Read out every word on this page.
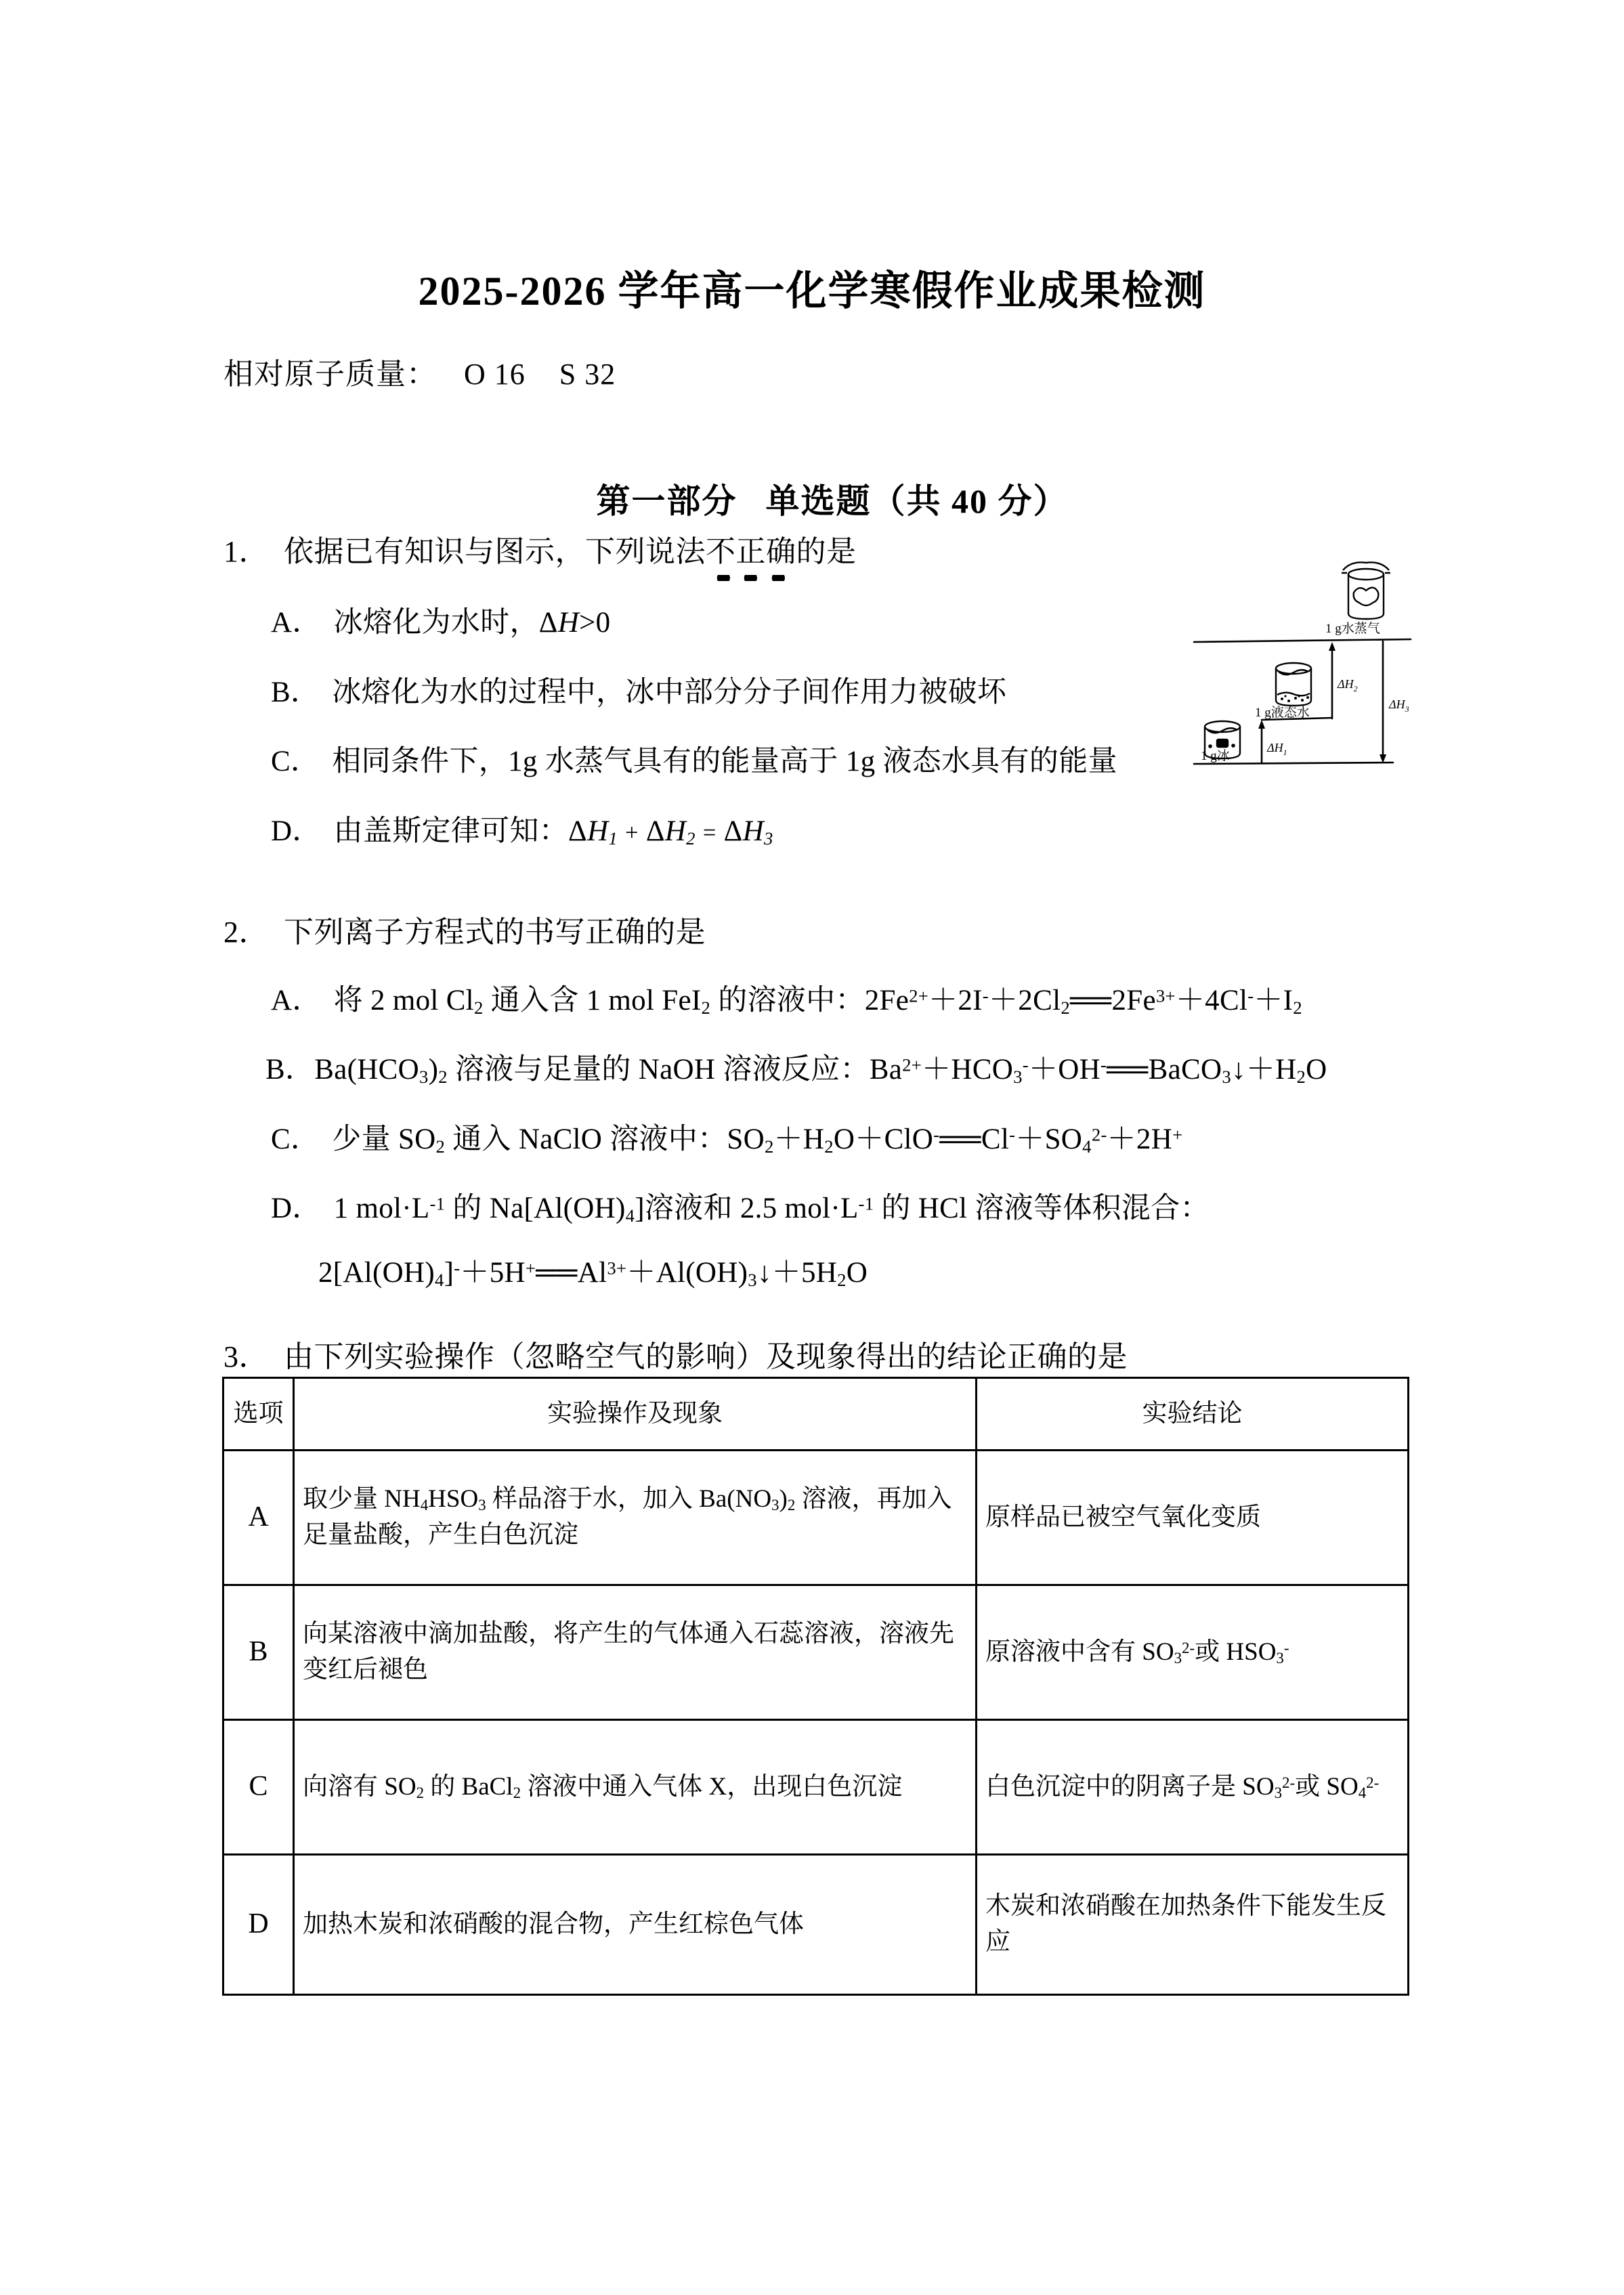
2025-2026 学年高一化学寒假作业成果检测
相对原子质量： O 16 S 32
第一部分 单选题（共 40 分）
1． 依据已有知识与图示，下列说法不正确的是
A． 冰熔化为水时，ΔH>0
B． 冰熔化为水的过程中，冰中部分分子间作用力被破坏
C． 相同条件下，1g 水蒸气具有的能量高于 1g 液态水具有的能量
D． 由盖斯定律可知：$\Delta H_1 + \Delta H_2 = \Delta H_3$
1 g水蒸气
1 g液态水
1 g冰
$\Delta H_2$
$\Delta H_3$
$\Delta H_1$
2． 下列离子方程式的书写正确的是
A． 将 2 mol $Cl_2$ 通入含 1 mol FeI$_2$ 的溶液中：$2Fe^{2+}+2I^-+2Cl_2══2Fe^{3+}+4Cl^-+I_2$
B．$Ba(HCO_3)_2$ 溶液与足量的 NaOH 溶液反应：$Ba^{2+}+HCO_3^-+OH^-══BaCO_3↓+H_2O$
C． 少量 $SO_2$ 通入 NaClO 溶液中：$SO_2+H_2O+ClO^-══Cl^-+SO_4^{2-}+2H^+$
D． 1 $mol\cdot L^{-1}$ 的 $Na[Al(OH)_4]$溶液和 2.5 $mol\cdot L^{-1}$ 的 HCl 溶液等体积混合：
$2[Al(OH)_4]^-+5H^+══Al^{3+}+Al(OH)_3↓+5H_2O$
3． 由下列实验操作（忽略空气的影响）及现象得出的结论正确的是
选项	实验操作及现象	实验结论
A	取少量 $NH_4HSO_3$ 样品溶于水，加入 $Ba(NO_3)_2$ 溶液，再加入足量盐酸，产生白色沉淀	原样品已被空气氧化变质
B	向某溶液中滴加盐酸，将产生的气体通入石蕊溶液，溶液先变红后褪色	原溶液中含有 $SO_3^{2-}$或 $HSO_3^-$
C	向溶有 $SO_2$ 的 BaCl$_2$ 溶液中通入气体 X，出现白色沉淀	白色沉淀中的阴离子是 $SO_3^{2-}$或 $SO_4^{2-}$
D	加热木炭和浓硝酸的混合物，产生红棕色气体	木炭和浓硝酸在加热条件下能发生反应
